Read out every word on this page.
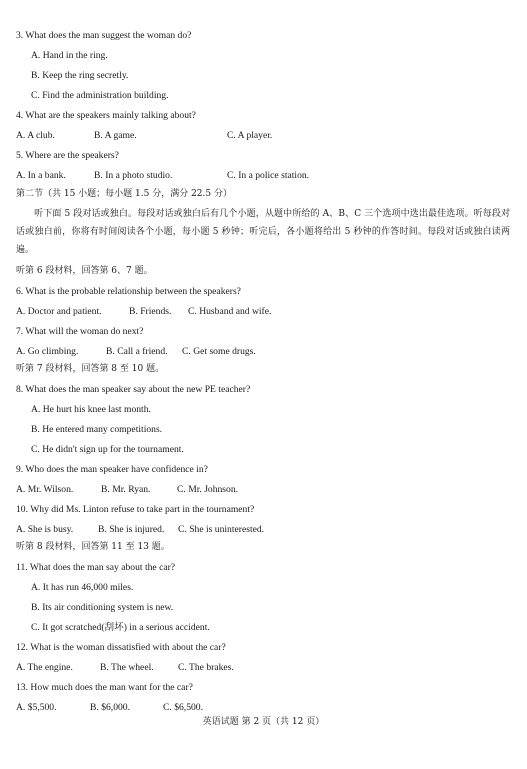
3. What does the man suggest the woman do?
A. Hand in the ring.
B. Keep the ring secretly.
C. Find the administration building.
4. What are the speakers mainly talking about?
A. A club.	B. A game.	C. A player.
5. Where are the speakers?
A. In a bank.	B. In a photo studio.	C. In a police station.
第二节（共 15 小题；每小题 1.5 分，满分 22.5 分）
听下面 5 段对话或独白。每段对话或独白后有几个小题，从题中所给的 A、B、C 三个选项中选出最佳选项。听每段对话或独白前，你将有时间阅读各个小题，每小题 5 秒钟；听完后，各小题将给出 5 秒钟的作答时间。每段对话或独白读两遍。
听第 6 段材料，回答第 6、7 题。
6. What is the probable relationship between the speakers?
A. Doctor and patient.	B. Friends. C. Husband and wife.
7. What will the woman do next?
A. Go climbing.	B. Call a friend. C. Get some drugs.
听第 7 段材料，回答第 8 至 10 题。
8. What does the man speaker say about the new PE teacher?
A. He hurt his knee last month.
B. He entered many competitions.
C. He didn't sign up for the tournament.
9. Who does the man speaker have confidence in?
A. Mr. Wilson.	B. Mr. Ryan.	C. Mr. Johnson.
10. Why did Ms. Linton refuse to take part in the tournament?
A. She is busy.	B. She is injured. C. She is uninterested.
听第 8 段材料，回答第 11 至 13 题。
11. What does the man say about the car?
A. It has run 46,000 miles.
B. Its air conditioning system is new.
C. It got scratched(刮坏) in a serious accident.
12. What is the woman dissatisfied with about the car?
A. The engine.	B. The wheel.	C. The brakes.
13. How much does the man want for the car?
A. $5,500.	B. $6,000.	C. $6,500.
英语试题 第 2 页（共 12 页）
